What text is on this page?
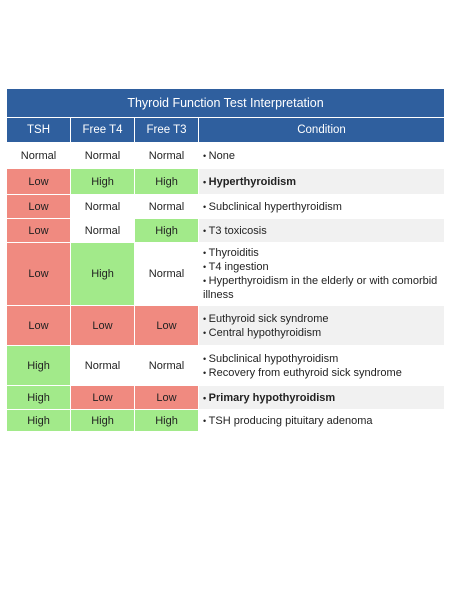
Thyroid Function Test Interpretation			
TSH	Free T4	Free T3	Condition
Normal	Normal	Normal	• None

Low	High	High	• Hyperthyroidism

Low	Normal	Normal	• Subclinical hyperthyroidism

Low	Normal	High	• T3 toxicosis

Low	High	Normal	• Thyroiditis
• T4 ingestion
• Hyperthyroidism in the elderly or with comorbid illness

Low	Low	Low	• Euthyroid sick syndrome
• Central hypothyroidism

High	Normal	Normal	• Subclinical hypothyroidism
• Recovery from euthyroid sick syndrome

High	Low	Low	• Primary hypothyroidism

High	High	High	• TSH producing pituitary adenoma
